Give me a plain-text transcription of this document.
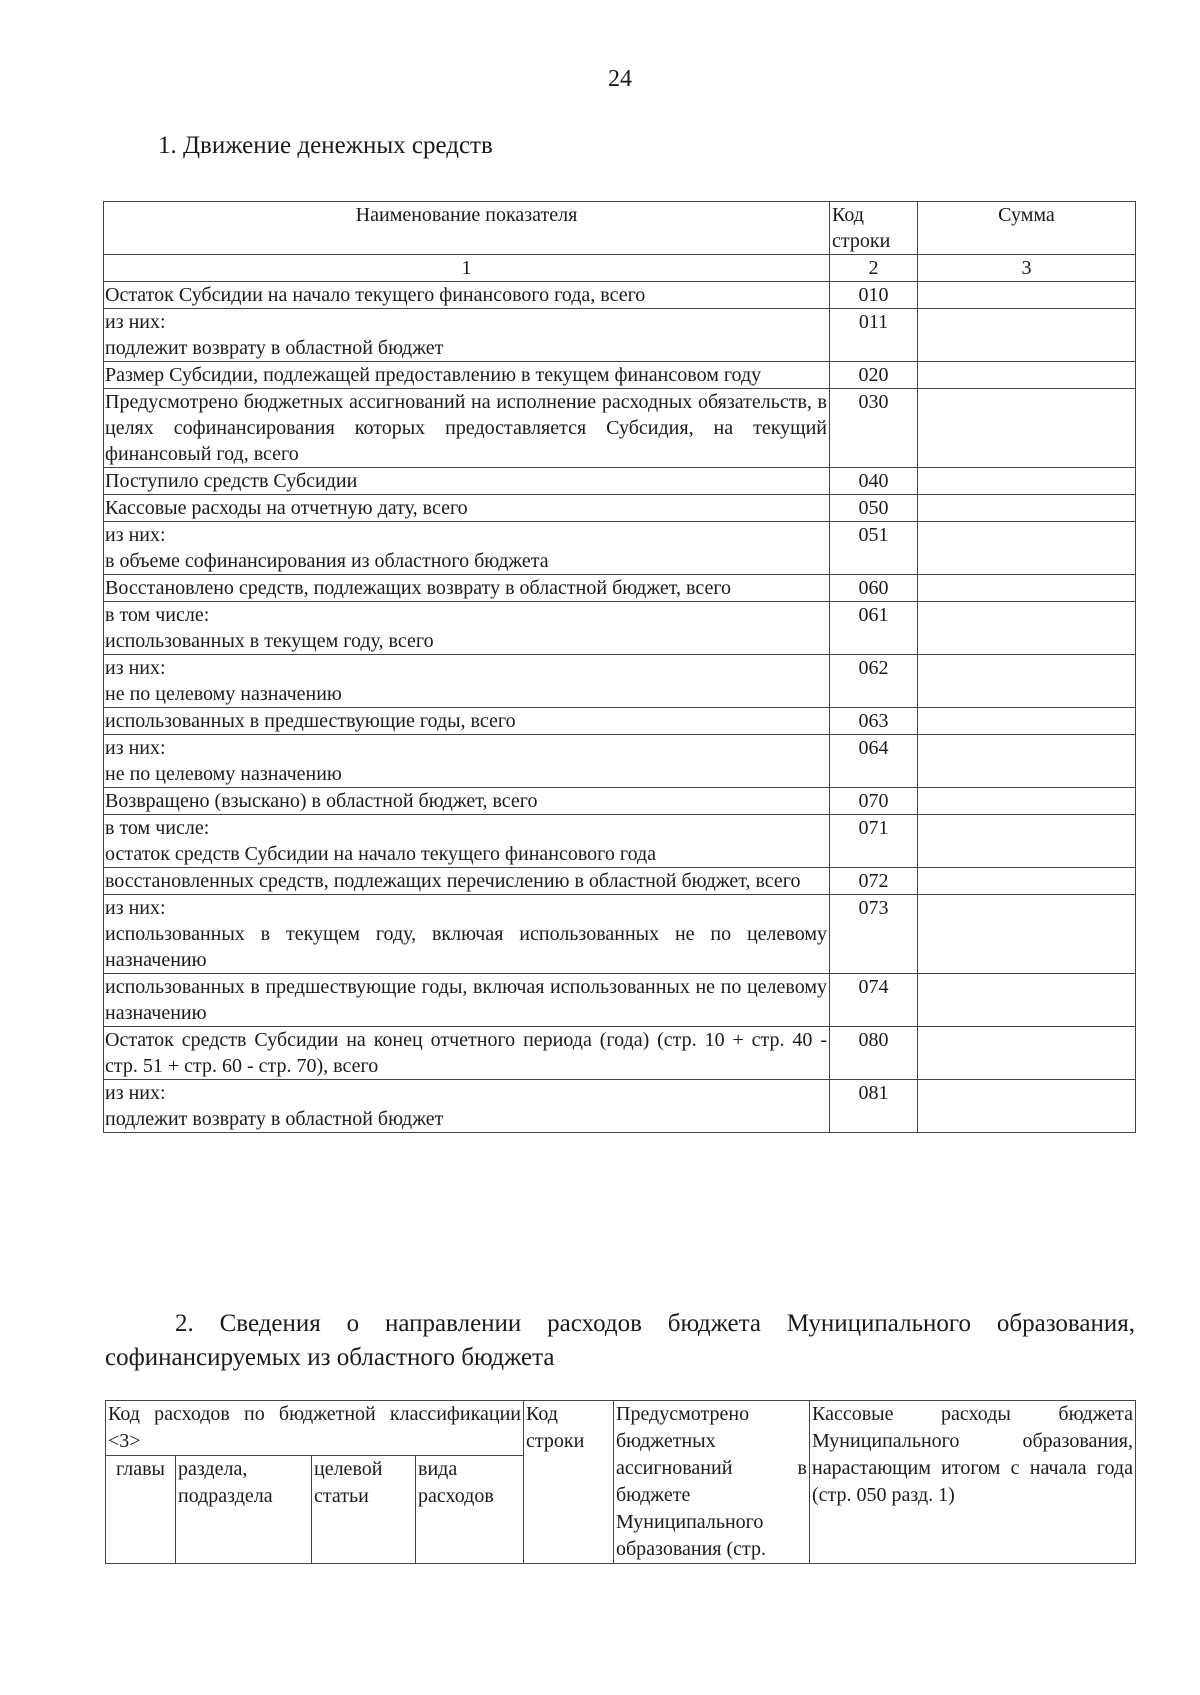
24
1. Движение денежных средств
Наименование показателя	Код строки	Сумма
1	2	3

Остаток Субсидии на начало текущего финансового года, всего	010	

из них:
подлежит возврату в областной бюджет	011	

Размер Субсидии, подлежащей предоставлению в текущем финансовом году	020	

Предусмотрено бюджетных ассигнований на исполнение расходных обязательств, в целях софинансирования которых предоставляется Субсидия, на текущий финансовый год, всего	030	

Поступило средств Субсидии	040	

Кассовые расходы на отчетную дату, всего	050	

из них:
в объеме софинансирования из областного бюджета	051	

Восстановлено средств, подлежащих возврату в областной бюджет, всего	060	

в том числе:
использованных в текущем году, всего	061	

из них:
не по целевому назначению	062	

использованных в предшествующие годы, всего	063	

из них:
не по целевому назначению	064	

Возвращено (взыскано) в областной бюджет, всего	070	

в том числе:
остаток средств Субсидии на начало текущего финансового года	071	

восстановленных средств, подлежащих перечислению в областной бюджет, всего	072	

из них:
использованных в текущем году, включая использованных не по целевому назначению	073	

использованных в предшествующие годы, включая использованных не по целевому назначению	074	

Остаток средств Субсидии на конец отчетного периода (года) (стр. 10 + стр. 40 - стр. 51 + стр. 60 - стр. 70), всего	080	

из них:
подлежит возврату в областной бюджет	081	
2. Сведения о направлении расходов бюджета Муниципального образования, софинансируемых из областного бюджета
Код расходов по бюджетной классификации <3>				Код строки	Предусмотрено бюджетных ассигнований в бюджете Муниципального образования (стр.	Кассовые расходы бюджета Муниципального образования, нарастающим итогом с начала года (стр. 050 разд. 1)
главы	раздела, подраздела	целевой статьи	вида расходов			
